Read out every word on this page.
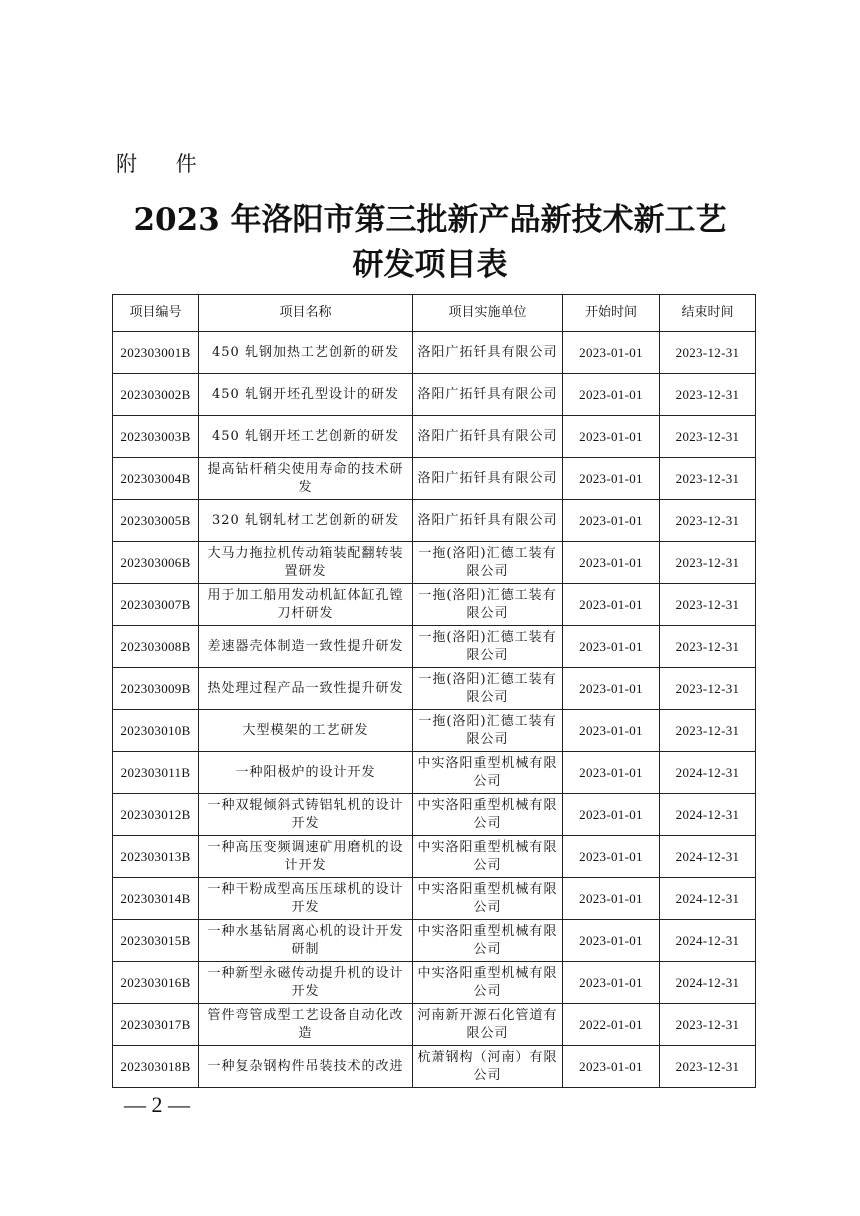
附 件
2023 年洛阳市第三批新产品新技术新工艺
研发项目表
项目编号	项目名称	项目实施单位	开始时间	结束时间
202303001B	450 轧钢加热工艺创新的研发	洛阳广拓钎具有限公司	2023-01-01	2023-12-31
202303002B	450 轧钢开坯孔型设计的研发	洛阳广拓钎具有限公司	2023-01-01	2023-12-31
202303003B	450 轧钢开坯工艺创新的研发	洛阳广拓钎具有限公司	2023-01-01	2023-12-31
202303004B	提高钻杆稍尖使用寿命的技术研发	洛阳广拓钎具有限公司	2023-01-01	2023-12-31
202303005B	320 轧钢轧材工艺创新的研发	洛阳广拓钎具有限公司	2023-01-01	2023-12-31
202303006B	大马力拖拉机传动箱装配翻转装置研发	一拖(洛阳)汇德工装有限公司	2023-01-01	2023-12-31
202303007B	用于加工船用发动机缸体缸孔镗刀杆研发	一拖(洛阳)汇德工装有限公司	2023-01-01	2023-12-31
202303008B	差速器壳体制造一致性提升研发	一拖(洛阳)汇德工装有限公司	2023-01-01	2023-12-31
202303009B	热处理过程产品一致性提升研发	一拖(洛阳)汇德工装有限公司	2023-01-01	2023-12-31
202303010B	大型模架的工艺研发	一拖(洛阳)汇德工装有限公司	2023-01-01	2023-12-31
202303011B	一种阳极炉的设计开发	中实洛阳重型机械有限公司	2023-01-01	2024-12-31
202303012B	一种双辊倾斜式铸铝轧机的设计开发	中实洛阳重型机械有限公司	2023-01-01	2024-12-31
202303013B	一种高压变频调速矿用磨机的设计开发	中实洛阳重型机械有限公司	2023-01-01	2024-12-31
202303014B	一种干粉成型高压压球机的设计开发	中实洛阳重型机械有限公司	2023-01-01	2024-12-31
202303015B	一种水基钻屑离心机的设计开发研制	中实洛阳重型机械有限公司	2023-01-01	2024-12-31
202303016B	一种新型永磁传动提升机的设计开发	中实洛阳重型机械有限公司	2023-01-01	2024-12-31
202303017B	管件弯管成型工艺设备自动化改造	河南新开源石化管道有限公司	2022-01-01	2023-12-31
202303018B	一种复杂钢构件吊装技术的改进	杭萧钢构（河南）有限公司	2023-01-01	2023-12-31
— 2 —
